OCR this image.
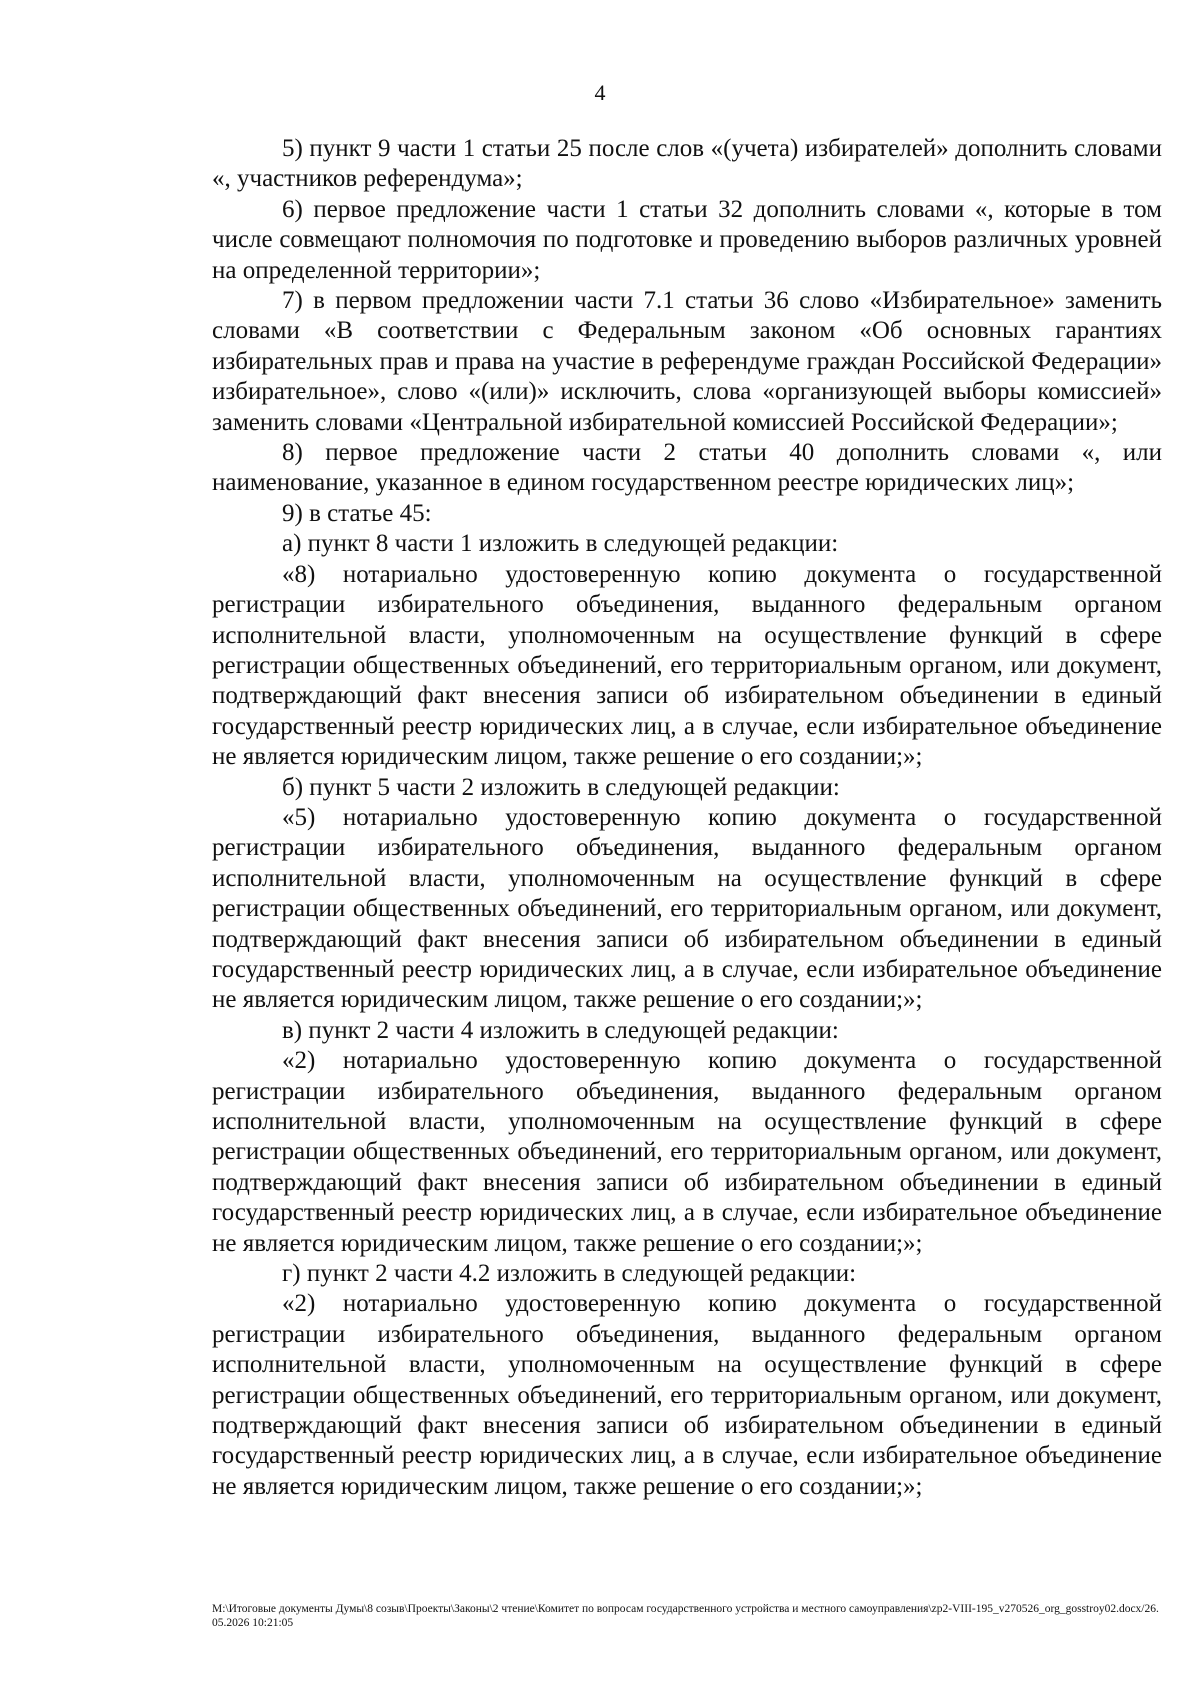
4

5) пункт 9 части 1 статьи 25 после слов «(учета) избирателей» дополнить словами «, участников референдума»;

6) первое предложение части 1 статьи 32 дополнить словами «, которые в том числе совмещают полномочия по подготовке и проведению выборов различных уровней на определенной территории»;

7) в первом предложении части 7.1 статьи 36 слово «Избирательное» заменить словами «В соответствии с Федеральным законом «Об основных гарантиях избирательных прав и права на участие в референдуме граждан Российской Федерации» избирательное», слово «(или)» исключить, слова «организующей выборы комиссией» заменить словами «Центральной избирательной комиссией Российской Федерации»;

8) первое предложение части 2 статьи 40 дополнить словами «, или наименование, указанное в едином государственном реестре юридических лиц»;

9) в статье 45:

а) пункт 8 части 1 изложить в следующей редакции:

«8) нотариально удостоверенную копию документа о государственной регистрации избирательного объединения, выданного федеральным органом исполнительной власти, уполномоченным на осуществление функций в сфере регистрации общественных объединений, его территориальным органом, или документ, подтверждающий факт внесения записи об избирательном объединении в единый государственный реестр юридических лиц, а в случае, если избирательное объединение не является юридическим лицом, также решение о его создании;»;

б) пункт 5 части 2 изложить в следующей редакции:

«5) нотариально удостоверенную копию документа о государственной регистрации избирательного объединения, выданного федеральным органом исполнительной власти, уполномоченным на осуществление функций в сфере регистрации общественных объединений, его территориальным органом, или документ, подтверждающий факт внесения записи об избирательном объединении в единый государственный реестр юридических лиц, а в случае, если избирательное объединение не является юридическим лицом, также решение о его создании;»;

в) пункт 2 части 4 изложить в следующей редакции:

«2) нотариально удостоверенную копию документа о государственной регистрации избирательного объединения, выданного федеральным органом исполнительной власти, уполномоченным на осуществление функций в сфере регистрации общественных объединений, его территориальным органом, или документ, подтверждающий факт внесения записи об избирательном объединении в единый государственный реестр юридических лиц, а в случае, если избирательное объединение не является юридическим лицом, также решение о его создании;»;

г) пункт 2 части 4.2 изложить в следующей редакции:

«2) нотариально удостоверенную копию документа о государственной регистрации избирательного объединения, выданного федеральным органом исполнительной власти, уполномоченным на осуществление функций в сфере регистрации общественных объединений, его территориальным органом, или документ, подтверждающий факт внесения записи об избирательном объединении в единый государственный реестр юридических лиц, а в случае, если избирательное объединение не является юридическим лицом, также решение о его создании;»;

M:\Итоговые документы Думы\8 созыв\Проекты\Законы\2 чтение\Комитет по вопросам государственного устройства и местного самоуправления\zp2-VIII-195_v270526_org_gosstroy02.docx/26.05.2026 10:21:05
